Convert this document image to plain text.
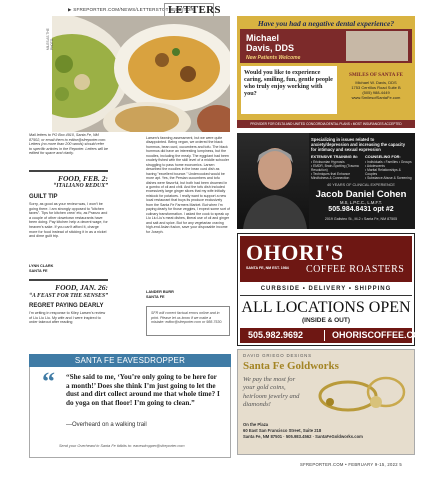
▶ SFREPORTER.COM/NEWS/LETTERSTOTHEEDITOR
LETTERS
MILES AS THE PHOTO
Mail letters to PO Box 4910, Santa Fe, NM 87502, or email them to editor@sfreporter.com. Letters (no more than 200 words) should refer to specific articles in the Reporter. Letters will be edited for space and clarity.
FOOD, FEB. 2:
“ITALIANO REDUX”
GUILT TIP
Sorry, as good as your review was, I won't be going there. I am strongly opposed to "kitchen taxes". Tips for kitchen crew' etc, as Pranzo and a couple of other downtown restaurants have been doing. Pay kitchen help a decent wage, for heaven's sake. If you can't afford it, charge more for food instead of sticking it in as a nickel and dime guilt trip.
LYNN CLARK
SANTA FE
FOOD, JAN. 26:
“A FEAST FOR THE SENSES”
REGRET PAYING DEARLY
I'm writing in response to Kiley Larsen's review of Liu Liu Liu. My wife and I were inspired to order takeout after reading
Larsen's fawning assessment, but we were quite disappointed. Being vegan, we ordered the black hummus, bean curd, cucumbers and tofu. The black hummus did have an interesting lumpiness, but the noodles, including the mealy. The eggplant had been crudely fished with the skill level of a middle schooler struggling to pass home economics. Larsen described the noodles in the bean curd dish as having "excellent bounce." Undercooked would be more apt. Yes, the Persian cucumbers and tofu dishes were flavorful, but both had been drowned in a gumbo of oil and chili. And the tofu dish included excessively large ginger slices that my wife initially mistook for potatoes. I really want to support a new local restaurant that buys its produce exclusively from the Santa Fe Farmers Market. But when I'm paying dearly for those veggies, I expect some sort of culinary transformation. I asked the cook to speak up Liu Liu Liu's meat dishes, liberal use of oil and ginger and salt and spice. But for any vegetarian craving high-end Asian fusion, save your disposable income for Joseph.
LANDER BURR
SANTA FE
SFR will correct factual errors online and in print. Please let us know if we make a mistake: editor@sfreporter.com or 988-7530.
SANTA FE EAVESDROPPER
“ “She said to me, ‘You’re only going to be here for a month!’ Does she think I’m just going to let the dust and dirt collect around me that whole time? I do yoga on that floor! I’m going to clean.”
—Overheard on a walking trail
Send your Overheard in Santa Fe tidbits to: eavesdropper@sfreporter.com
Have you had a negative dental experience?
Michael Davis, DDS
New Patients Welcome
Would you like to experience caring, smiling, fun, gentle people who truly enjoy working with you?
SMILES OF SANTA FE
Michael W. Davis, DDS
1753 Cerrillos Road Suite B
(505) 988-4449
www.SmilesofSantaFe.com
PROVIDER FOR DELTA AND UNITED CONCORDIA DENTAL PLANS • MOST INSURANCES ACCEPTED
Specializing in issues related to anxiety/depression and increasing the capacity for intimacy and sexual expression
EXTENSIVE TRAINING IN:
• Ericksonian Hypnosis
• EMDR, Brain-Spotting (Trauma Resolution)
• Techniques that Enhance Mindfulness & Connection
COUNSELING FOR:
• Individuals • Families • Groups
• Adolescents
• Marital Relationships & Couples
• Substance Abuse & Screening
40 YEARS OF CLINICAL EXPERIENCE
Jacob Daniel Cohen
M.S, L.P.C.C., L.M.F.T.
505.984.8431 opt #2
2019 Galisteo St., M-2 • Santa Fe, NM 87505
OHORI'S
SANTA FE, NM EST. 1984	COFFEE ROASTERS
CURBSIDE • DELIVERY • SHIPPING
ALL LOCATIONS OPEN
(INSIDE & OUT)
505.982.9692	OHORISCOFFEE.COM
DAVID GRIEGO DESIGNS
Santa Fe Goldworks
We pay the most for your gold coins, heirloom jewelry and diamonds!
On the Plaza
60 East San Francisco Street, Suite 218
Santa Fe, NM 87501 · 505.983.4562 · SantaFeGoldworks.com
SFREPORTER.COM • FEBRUARY 9-15, 2022 5
